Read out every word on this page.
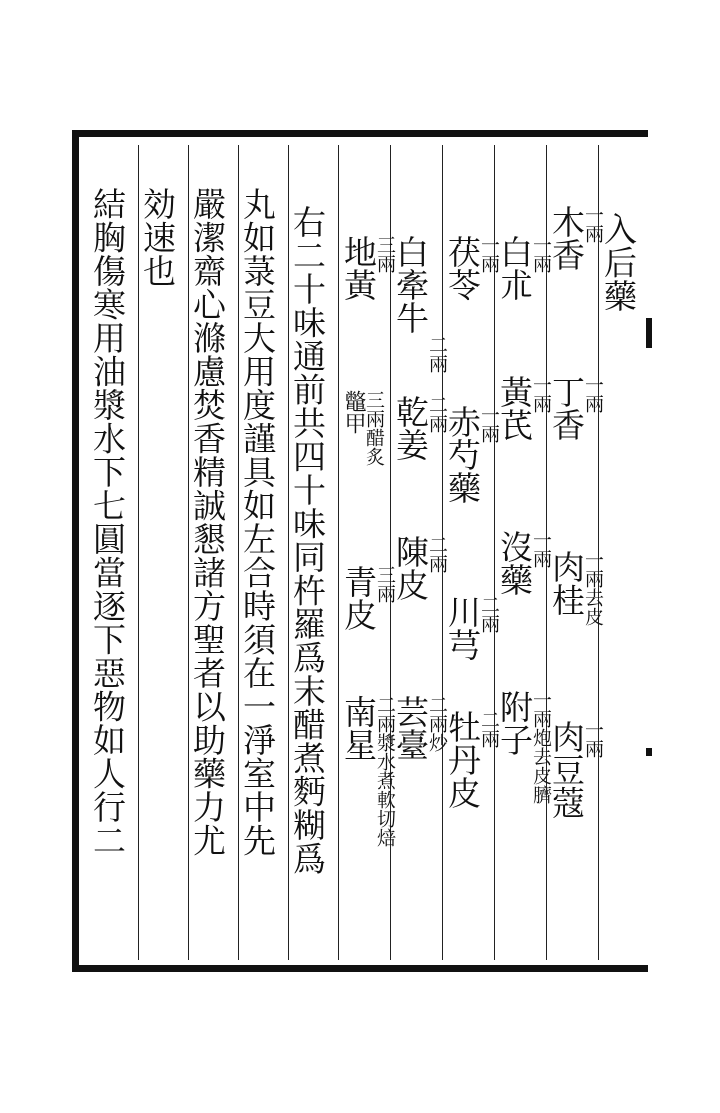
入后藥
木香
一兩
丁香
一兩
肉桂
一兩去皮
肉豆蔻
一兩
白朮
一兩
黃芪
一兩
沒藥
一兩
附子
一兩炮去皮臍
茯苓
一兩
赤芍藥
一兩
川芎
二兩
牡丹皮
二兩
白牽牛
二兩
乾姜
二兩
陳皮
二兩
芸臺
二兩炒
地黃
三兩
鼈甲
三兩醋炙
青皮
三兩
南星
二兩漿水煮軟切焙
右二十味通前共四十味同杵羅爲末醋煮麪糊爲
丸如菉豆大用度謹具如左合時須在一淨室中先
嚴潔齋心滌慮焚香精誠懇諸方聖者以助藥力尤
効速也
結胸傷寒用油漿水下七圓當逐下惡物如人行二
